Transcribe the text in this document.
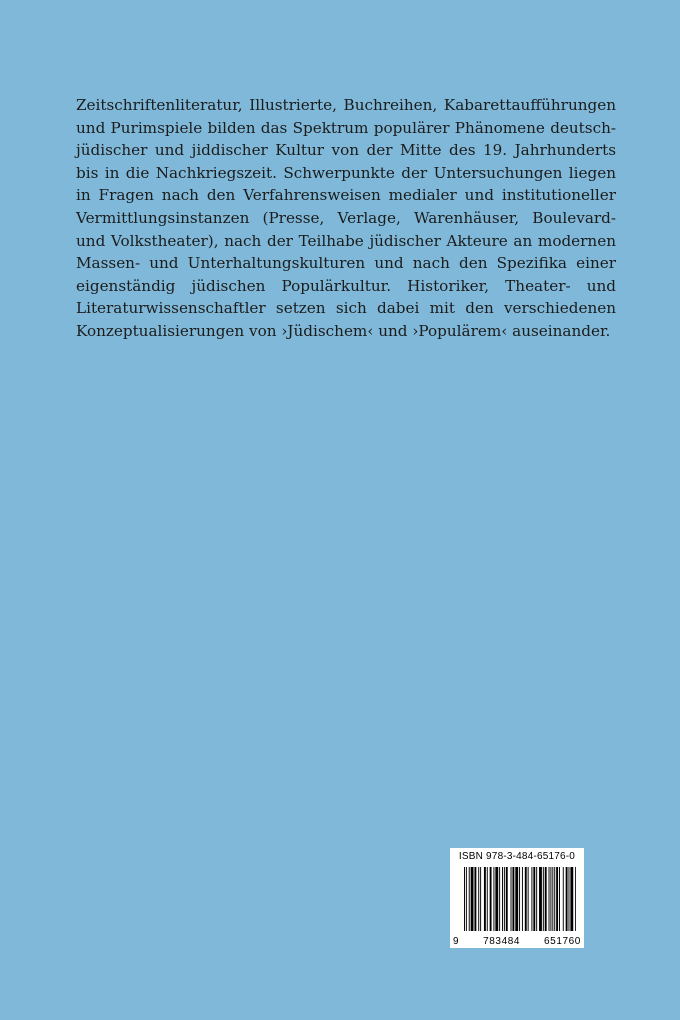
Zeitschriftenliteratur, Illustrierte, Buchreihen, Kabarettaufführungen und Purimspiele bilden das Spektrum populärer Phänomene deutsch-jüdischer und jiddischer Kultur von der Mitte des 19. Jahrhunderts bis in die Nachkriegszeit. Schwerpunkte der Untersuchungen liegen in Fragen nach den Verfahrensweisen medialer und institutioneller Vermittlungsinstanzen (Presse, Verlage, Warenhäuser, Boulevard- und Volkstheater), nach der Teilhabe jüdischer Akteure an modernen Massen- und Unterhaltungskulturen und nach den Spezifika einer eigenständig jüdischen Populärkultur. Historiker, Theater- und Literaturwissenschaftler setzen sich dabei mit den verschiedenen Konzeptualisierungen von ›Jüdischem‹ und ›Populärem‹ auseinander.

ISBN 978-3-484-65176-0
9 783484 651760
